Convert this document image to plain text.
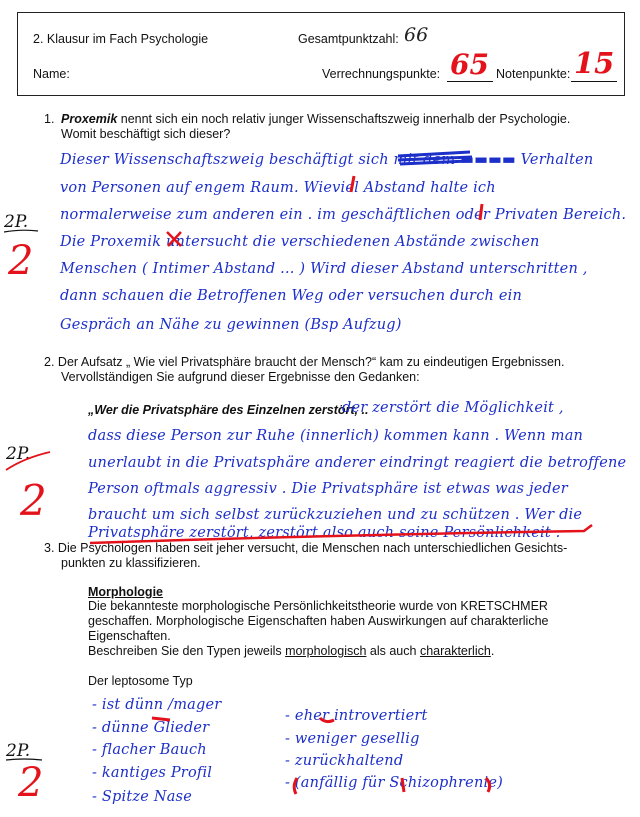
2. Klausur im Fach Psychologie	Gesamtpunktzahl: 66
Name:	Verrechnungspunkte: 65 Notenpunkte: 15
1. Proxemik nennt sich ein noch relativ junger Wissenschaftszweig innerhalb der Psychologie.
Womit beschäftigt sich dieser?
Dieser Wissenschaftszweig beschäftigt sich mit dem ▬▬▬▬ Verhalten
von Personen auf engem Raum. Wieviel Abstand halte ich
normalerweise zum anderen ein . im geschäftlichen oder Privaten Bereich.
Die Proxemik untersucht die verschiedenen Abstände zwischen
Menschen ( Intimer Abstand ... ) Wird dieser Abstand unterschritten ,
dann schauen die Betroffenen Weg oder versuchen durch ein
Gespräch an Nähe zu gewinnen (Bsp Aufzug)
2P.
2
2. Der Aufsatz „ Wie viel Privatsphäre braucht der Mensch?“ kam zu eindeutigen Ergebnissen.
Vervollständigen Sie aufgrund dieser Ergebnisse den Gedanken:
„Wer die Privatsphäre des Einzelnen zerstört, ..
der zerstört die Möglichkeit ,
dass diese Person zur Ruhe (innerlich) kommen kann . Wenn man
unerlaubt in die Privatsphäre anderer eindringt reagiert die betroffene
Person oftmals aggressiv . Die Privatsphäre ist etwas was jeder
braucht um sich selbst zurückzuziehen und zu schützen . Wer die
Privatsphäre zerstört, zerstört also auch seine Persönlichkeit .
2P.
2
3. Die Psychologen haben seit jeher versucht, die Menschen nach unterschiedlichen Gesichts-
punkten zu klassifizieren.
Morphologie
Die bekannteste morphologische Persönlichkeitstheorie wurde von KRETSCHMER
geschaffen. Morphologische Eigenschaften haben Auswirkungen auf charakterliche
Eigenschaften.
Beschreiben Sie den Typen jeweils morphologisch als auch charakterlich.
Der leptosome Typ
- ist dünn /mager
- dünne Glieder
- flacher Bauch
- kantiges Profil
- Spitze Nase
- eher introvertiert
- weniger gesellig
- zurückhaltend
- (anfällig für Schizophrenie)
2P.
2
